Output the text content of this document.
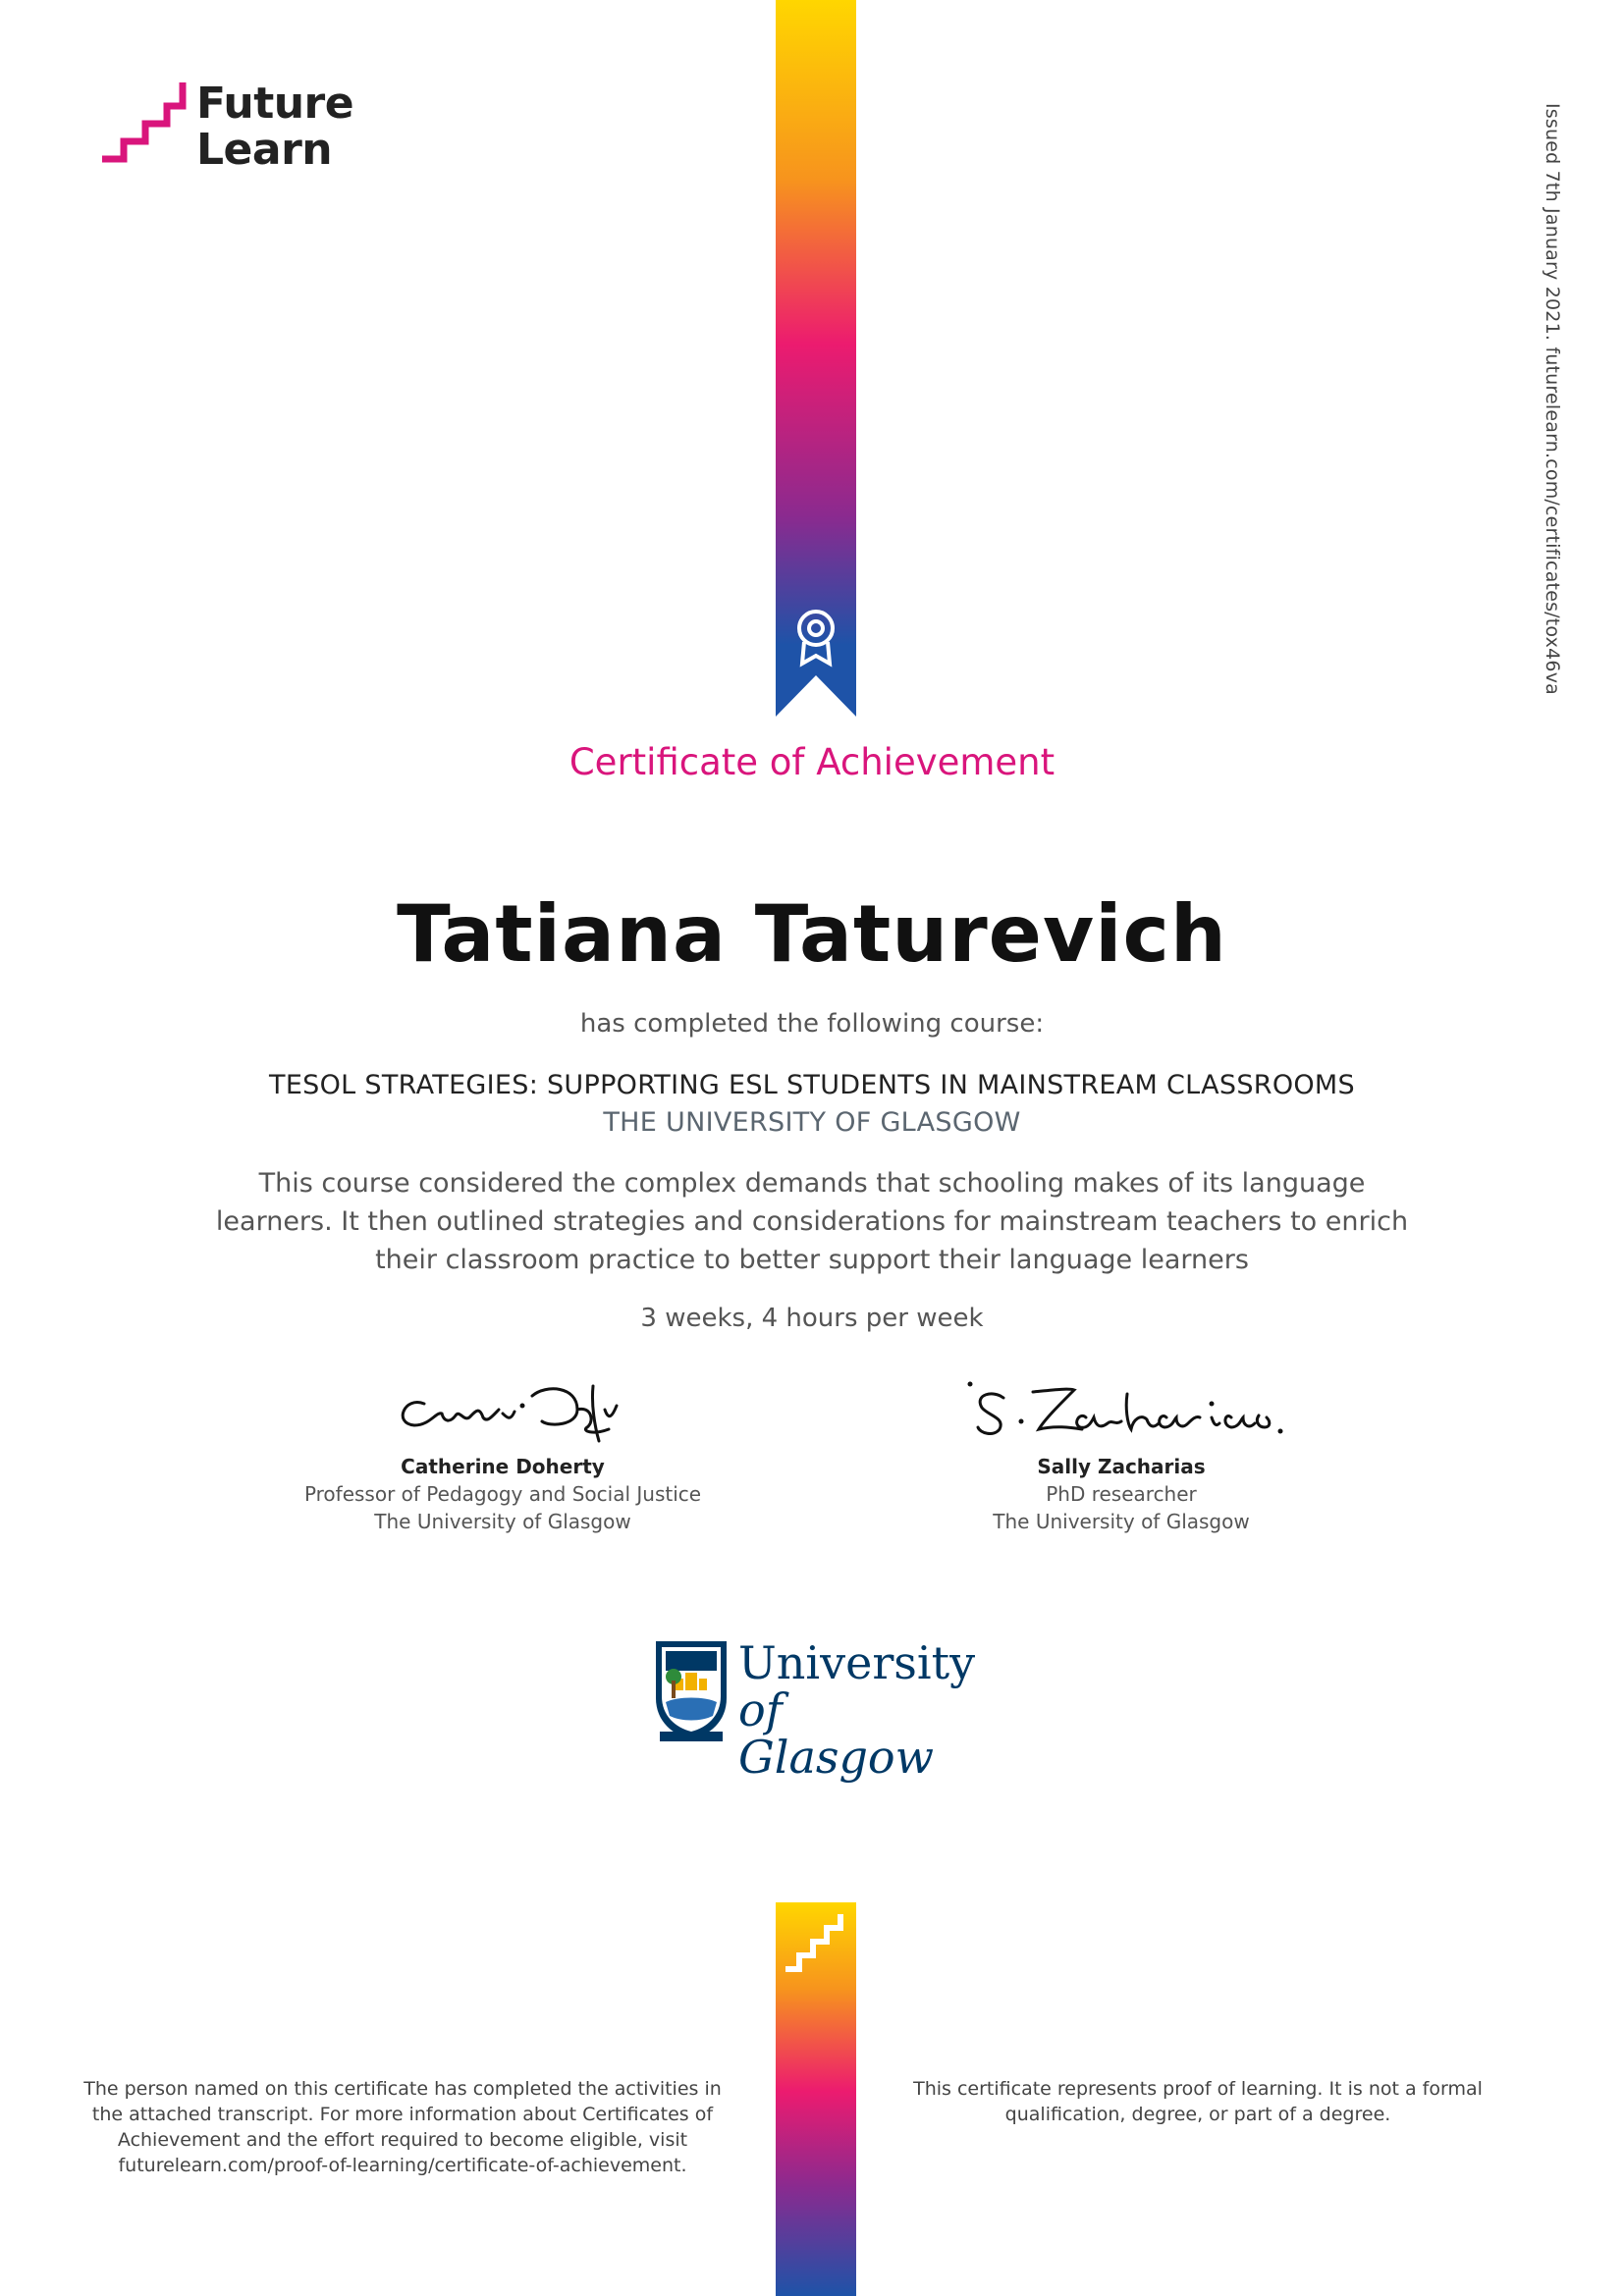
Future
Learn	Issued 7th January 2021. futurelearn.com/certificates/tox46va
Certificate of Achievement
Tatiana Taturevich
has completed the following course:
TESOL STRATEGIES: SUPPORTING ESL STUDENTS IN MAINSTREAM CLASSROOMS
THE UNIVERSITY OF GLASGOW
This course considered the complex demands that schooling makes of its language learners. It then outlined strategies and considerations for mainstream teachers to enrich their classroom practice to better support their language learners
3 weeks, 4 hours per week
Catherine Doherty
Professor of Pedagogy and Social Justice
The University of Glasgow
Sally Zacharias
PhD researcher
The University of Glasgow
University
of Glasgow
The person named on this certificate has completed the activities in the attached transcript. For more information about Certificates of Achievement and the effort required to become eligible, visit futurelearn.com/proof-of-learning/certificate-of-achievement.
This certificate represents proof of learning. It is not a formal qualification, degree, or part of a degree.
